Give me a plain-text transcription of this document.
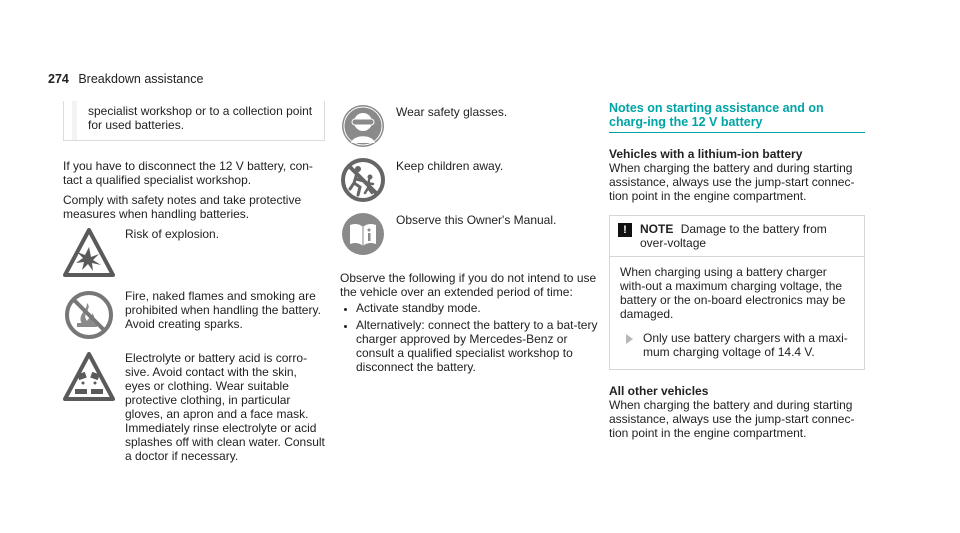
274 Breakdown assistance

specialist workshop or to a collection point for used batteries.

If you have to disconnect the 12 V battery, con-tact a qualified specialist workshop.

Comply with safety notes and take protective measures when handling batteries.

Risk of explosion.

Fire, naked flames and smoking are prohibited when handling the battery. Avoid creating sparks.

Electrolyte or battery acid is corro-sive. Avoid contact with the skin, eyes or clothing. Wear suitable protective clothing, in particular gloves, an apron and a face mask. Immediately rinse electrolyte or acid splashes off with clean water. Consult a doctor if necessary.

Wear safety glasses.

Keep children away.

Observe this Owner's Manual.

Observe the following if you do not intend to use the vehicle over an extended period of time:

• Activate standby mode.
• Alternatively: connect the battery to a bat-tery charger approved by Mercedes-Benz or consult a qualified specialist workshop to disconnect the battery.
Notes on starting assistance and on charg-ing the 12 V battery

Vehicles with a lithium-ion battery

When charging the battery and during starting assistance, always use the jump-start connec-tion point in the engine compartment.

!	NOTE Damage to the battery from over-voltage

When charging using a battery charger with-out a maximum charging voltage, the battery or the on-board electronics may be damaged.

Only use battery chargers with a maxi-mum charging voltage of 14.4 V.

All other vehicles

When charging the battery and during starting assistance, always use the jump-start connec-tion point in the engine compartment.
